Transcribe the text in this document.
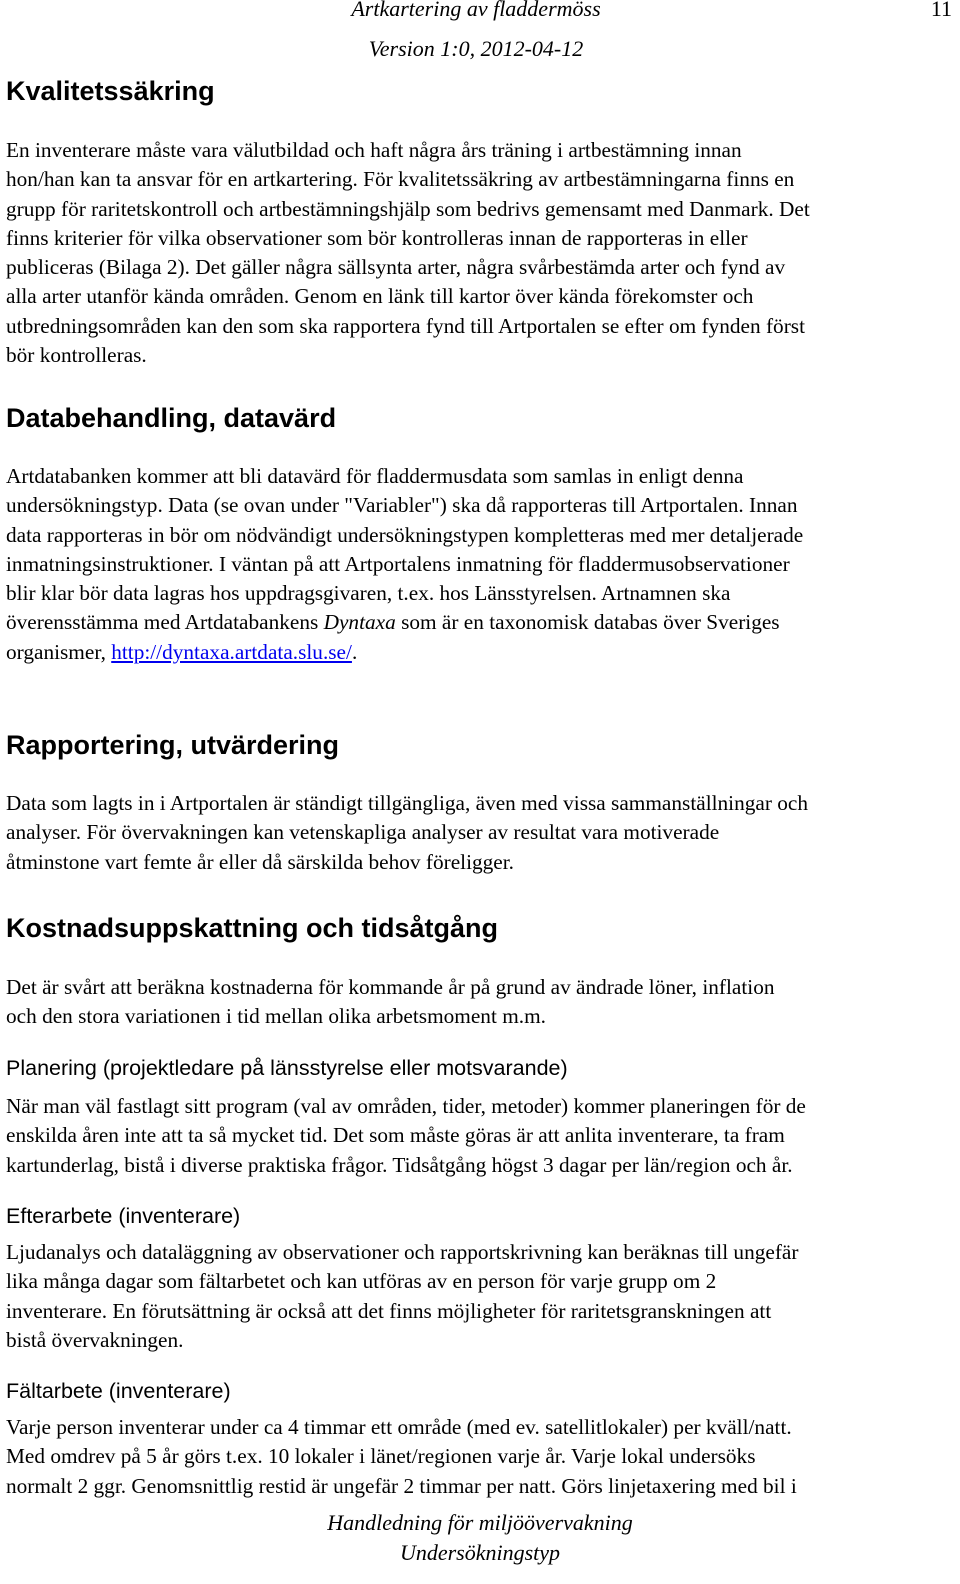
Artkartering av fladdermöss
Version 1:0, 2012-04-12
11
Kvalitetssäkring
En inventerare måste vara välutbildad och haft några års träning i artbestämning innan
hon/han kan ta ansvar för en artkartering. För kvalitetssäkring av artbestämningarna finns en
grupp för raritetskontroll och artbestämningshjälp som bedrivs gemensamt med Danmark. Det
finns kriterier för vilka observationer som bör kontrolleras innan de rapporteras in eller
publiceras (Bilaga 2). Det gäller några sällsynta arter, några svårbestämda arter och fynd av
alla arter utanför kända områden. Genom en länk till kartor över kända förekomster och
utbredningsområden kan den som ska rapportera fynd till Artportalen se efter om fynden först
bör kontrolleras.
Databehandling, datavärd
Artdatabanken kommer att bli datavärd för fladdermusdata som samlas in enligt denna
undersökningstyp. Data (se ovan under "Variabler") ska då rapporteras till Artportalen. Innan
data rapporteras in bör om nödvändigt undersökningstypen kompletteras med mer detaljerade
inmatningsinstruktioner. I väntan på att Artportalens inmatning för fladdermusobservationer
blir klar bör data lagras hos uppdragsgivaren, t.ex. hos Länsstyrelsen. Artnamnen ska
överensstämma med Artdatabankens Dyntaxa som är en taxonomisk databas över Sveriges
organismer, http://dyntaxa.artdata.slu.se/.
Rapportering, utvärdering
Data som lagts in i Artportalen är ständigt tillgängliga, även med vissa sammanställningar och
analyser. För övervakningen kan vetenskapliga analyser av resultat vara motiverade
åtminstone vart femte år eller då särskilda behov föreligger.
Kostnadsuppskattning och tidsåtgång
Det är svårt att beräkna kostnaderna för kommande år på grund av ändrade löner, inflation
och den stora variationen i tid mellan olika arbetsmoment m.m.
Planering (projektledare på länsstyrelse eller motsvarande)
När man väl fastlagt sitt program (val av områden, tider, metoder) kommer planeringen för de
enskilda åren inte att ta så mycket tid. Det som måste göras är att anlita inventerare, ta fram
kartunderlag, bistå i diverse praktiska frågor. Tidsåtgång högst 3 dagar per län/region och år.
Efterarbete (inventerare)
Ljudanalys och dataläggning av observationer och rapportskrivning kan beräknas till ungefär
lika många dagar som fältarbetet och kan utföras av en person för varje grupp om 2
inventerare. En förutsättning är också att det finns möjligheter för raritetsgranskningen att
bistå övervakningen.
Fältarbete (inventerare)
Varje person inventerar under ca 4 timmar ett område (med ev. satellitlokaler) per kväll/natt.
Med omdrev på 5 år görs t.ex. 10 lokaler i länet/regionen varje år. Varje lokal undersöks
normalt 2 ggr. Genomsnittlig restid är ungefär 2 timmar per natt. Görs linjetaxering med bil i
Handledning för miljöövervakning
Undersökningstyp
